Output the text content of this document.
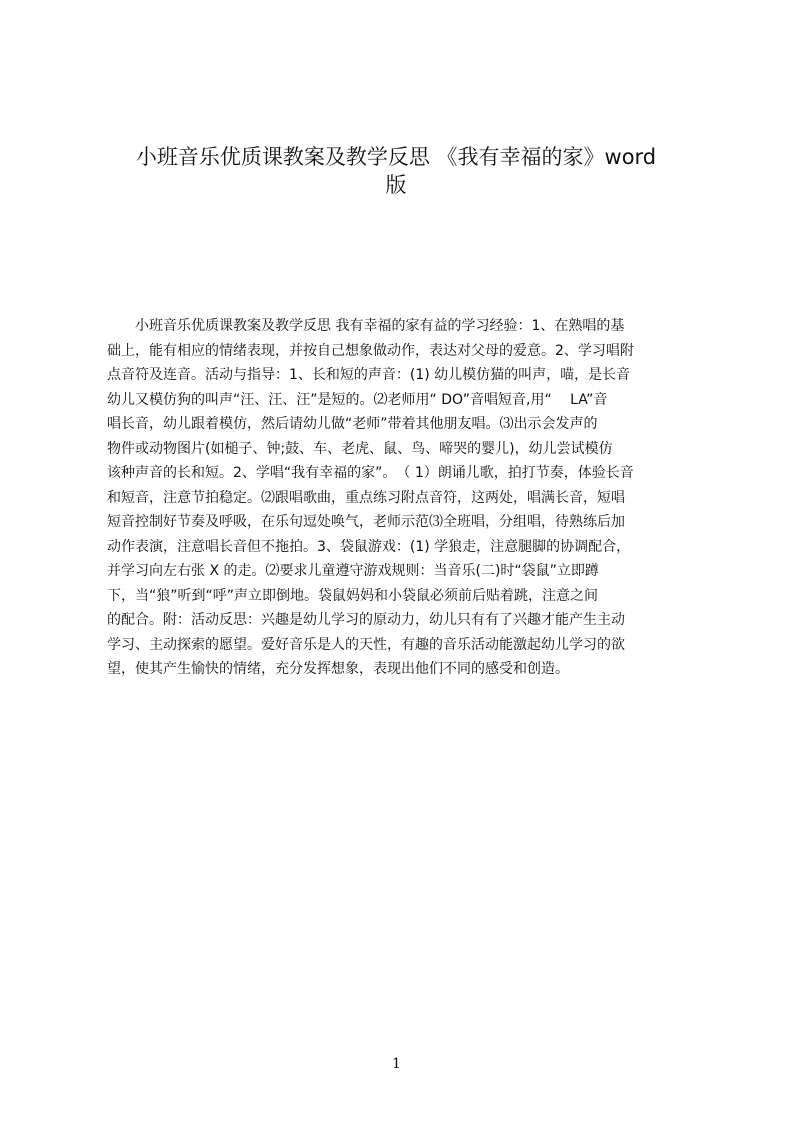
小班音乐优质课教案及教学反思 《我有幸福的家》word
版
　　小班音乐优质课教案及教学反思 我有幸福的家有益的学习经验：1、在熟唱的基
础上，能有相应的情绪表现，并按自己想象做动作，表达对父母的爱意。2、学习唱附
点音符及连音。活动与指导：1、长和短的声音：(1) 幼儿模仿猫的叫声，喵，是长音
幼儿又模仿狗的叫声“汪、汪、汪”是短的。⑵老师用“ DO”音唱短音,用“　 LA”音
唱长音，幼儿跟着模仿，然后请幼儿做“老师”带着其他朋友唱。⑶出示会发声的
物件或动物图片(如槌子、钟;鼓、车、老虎、鼠、鸟、啼哭的婴儿)，幼儿尝试模仿
该种声音的长和短。2、学唱“我有幸福的家”。　（ 1）朗诵儿歌，拍打节奏，体验长音
和短音，注意节拍稳定。⑵跟唱歌曲，重点练习附点音符，这两处，唱满长音，短唱
短音控制好节奏及呼吸，在乐句逗处唤气，老师示范⑶全班唱，分组唱，待熟练后加
动作表演，注意唱长音但不拖拍。3、袋鼠游戏：(1) 学狼走，注意腿脚的协调配合，
并学习向左右张 X 的走。⑵要求儿童遵守游戏规则：当音乐(二)时“袋鼠”立即蹲
下，当“狼”听到“呼”声立即倒地。袋鼠妈妈和小袋鼠必须前后贴着跳，注意之间
的配合。附：活动反思：兴趣是幼儿学习的原动力，幼儿只有有了兴趣才能产生主动
学习、主动探索的愿望。爱好音乐是人的天性，有趣的音乐活动能激起幼儿学习的欲
望，使其产生愉快的情绪，充分发挥想象，表现出他们不同的感受和创造。
1
